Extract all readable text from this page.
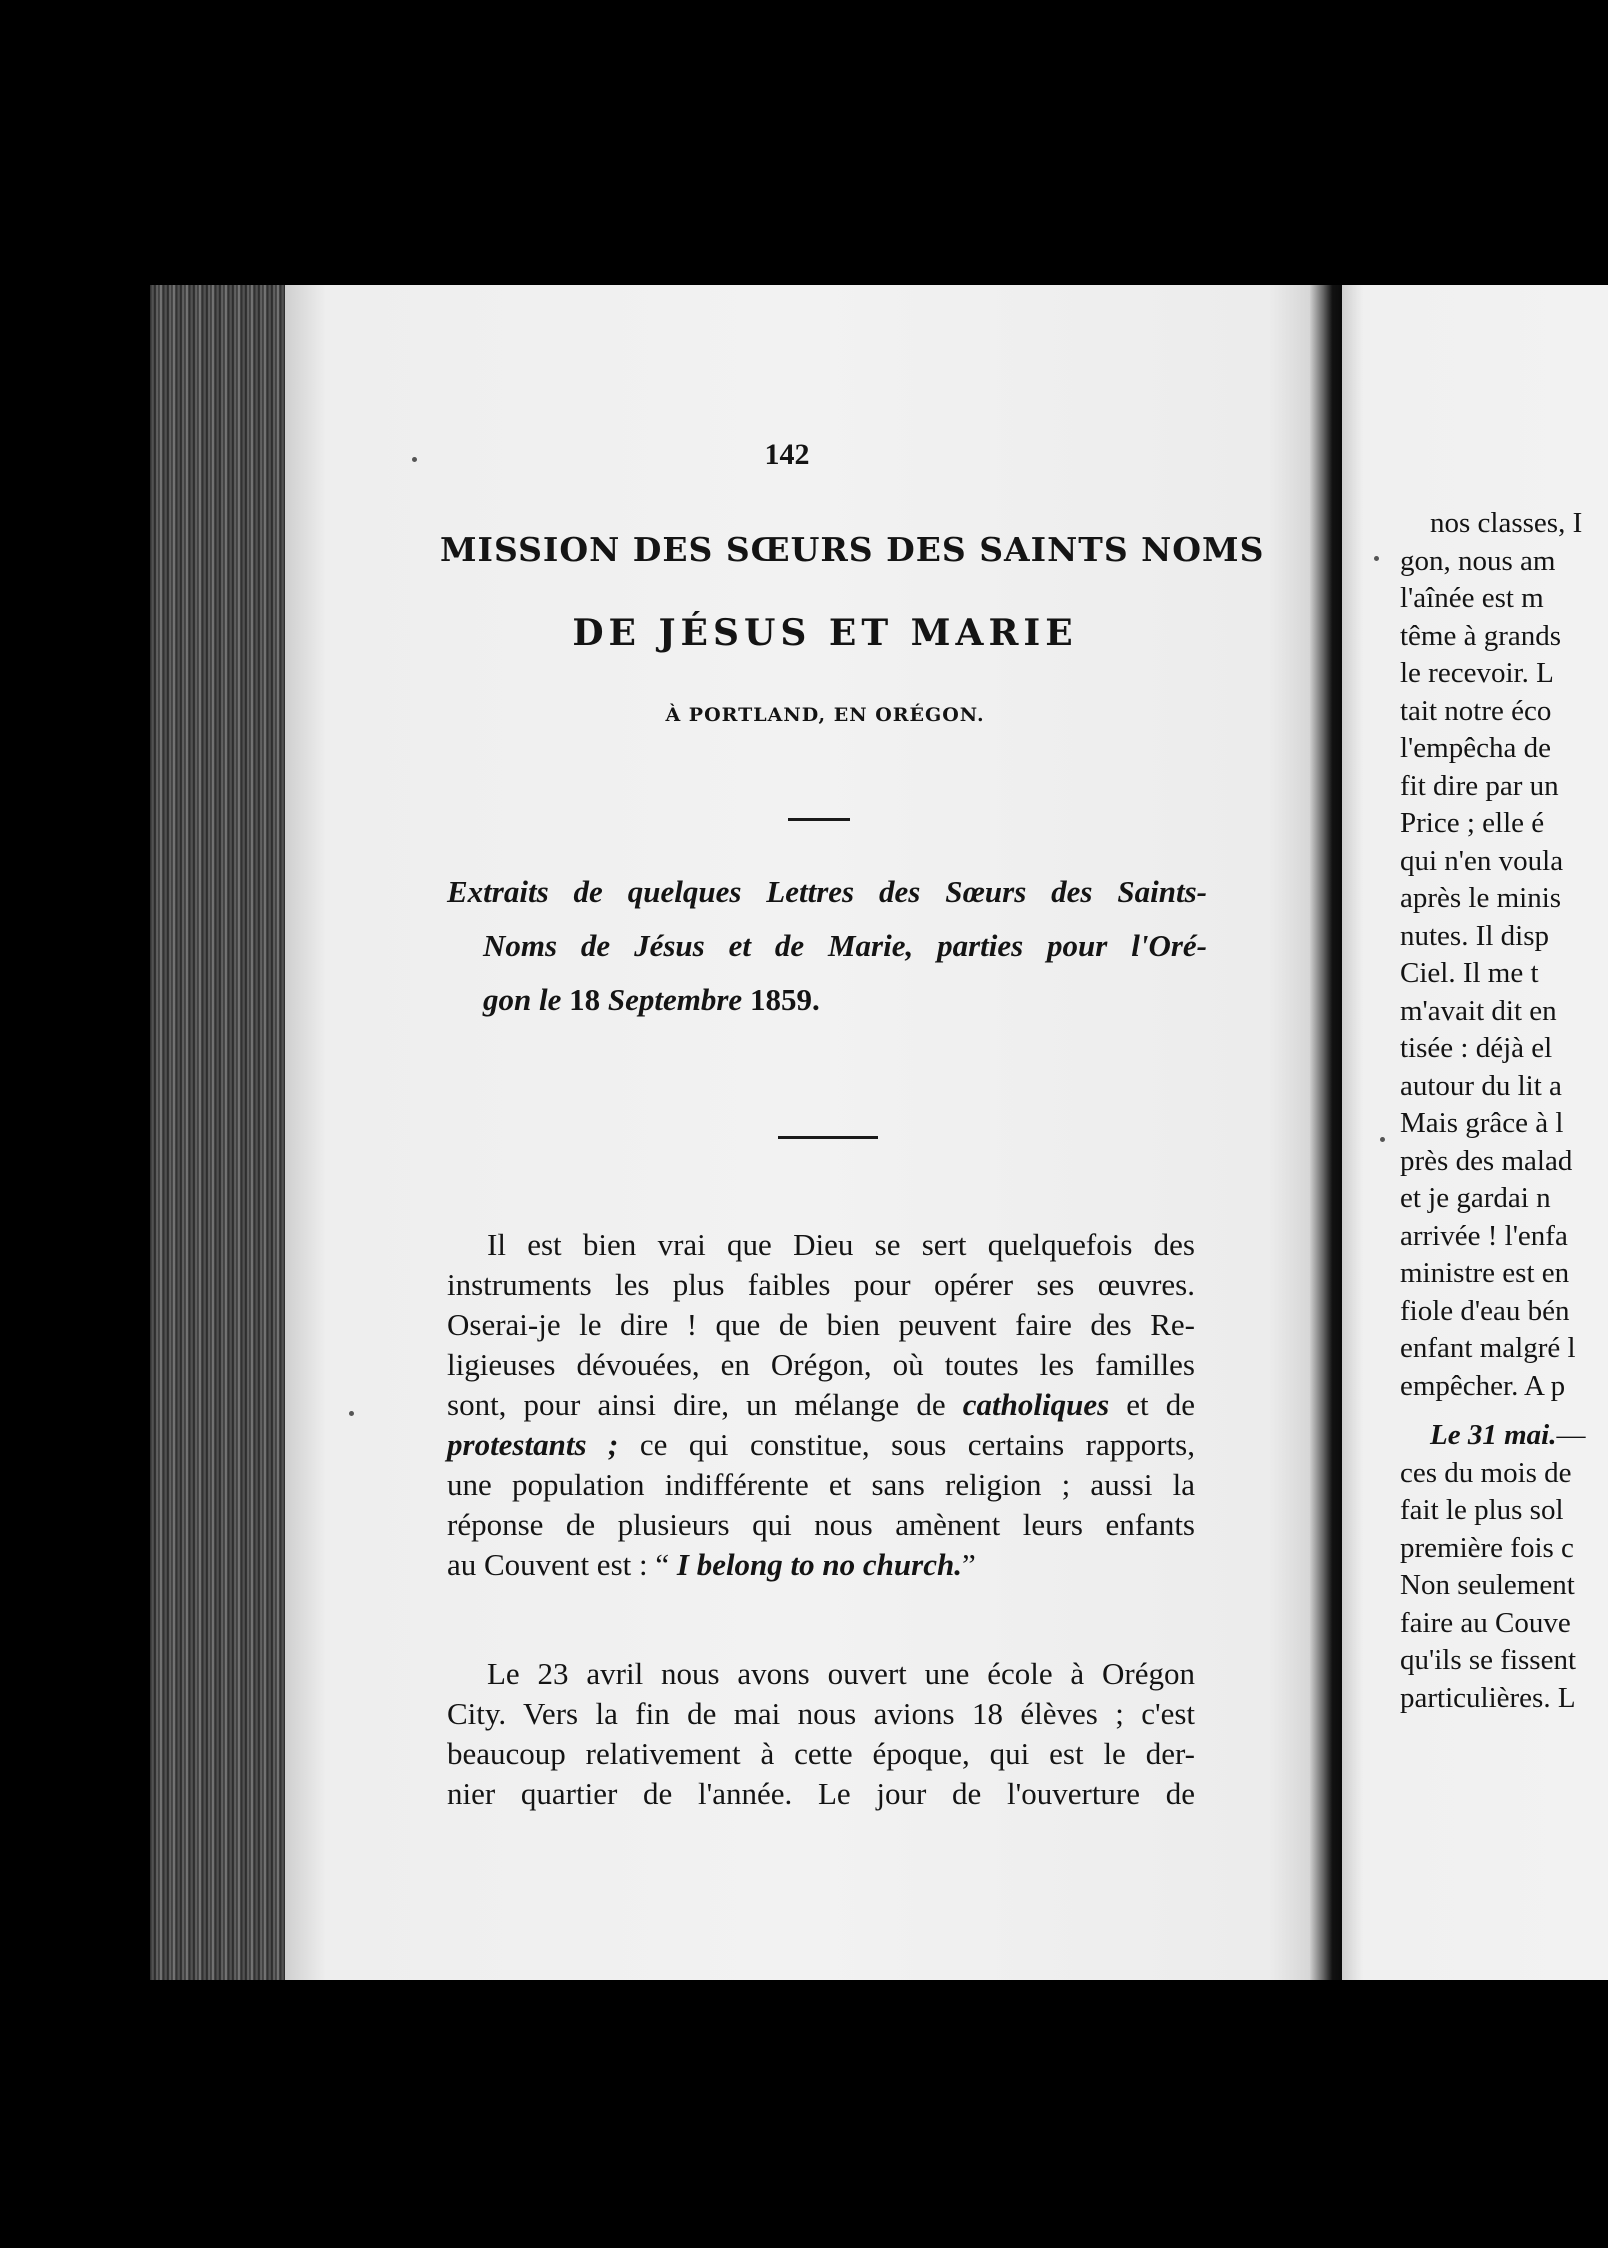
142
MISSION DES SŒURS DES SAINTS NOMS
DE JÉSUS ET MARIE
À PORTLAND, EN ORÉGON.
Extraits de quelques Lettres des Sœurs des Saints-
Noms de Jésus et de Marie, parties pour l'Oré-
gon le 18 Septembre 1859.
Il est bien vrai que Dieu se sert quelquefois des
instruments les plus faibles pour opérer ses œuvres.
Oserai-je le dire ! que de bien peuvent faire des Re-
ligieuses dévouées, en Orégon, où toutes les familles
sont, pour ainsi dire, un mélange de catholiques et de
protestants ; ce qui constitue, sous certains rapports,
une population indifférente et sans religion ; aussi la
réponse de plusieurs qui nous amènent leurs enfants
au Couvent est : “ I belong to no church.”
Le 23 avril nous avons ouvert une école à Orégon
City. Vers la fin de mai nous avions 18 élèves ; c'est
beaucoup relativement à cette époque, qui est le der-
nier quartier de l'année. Le jour de l'ouverture de
nos classes, I
gon, nous am
l'aînée est m
tême à grands
le recevoir. L
tait notre éco
l'empêcha de
fit dire par un
Price ; elle é
qui n'en voula
après le minis
nutes. Il disp
Ciel. Il me t
m'avait dit en
tisée : déjà el
autour du lit a
Mais grâce à l
près des malad
et je gardai n
arrivée ! l'enfa
ministre est en
fiole d'eau bén
enfant malgré l
empêcher. A p
Le 31 mai.—
ces du mois de
fait le plus sol
première fois c
Non seulement
faire au Couve
qu'ils se fissent
particulières. L
